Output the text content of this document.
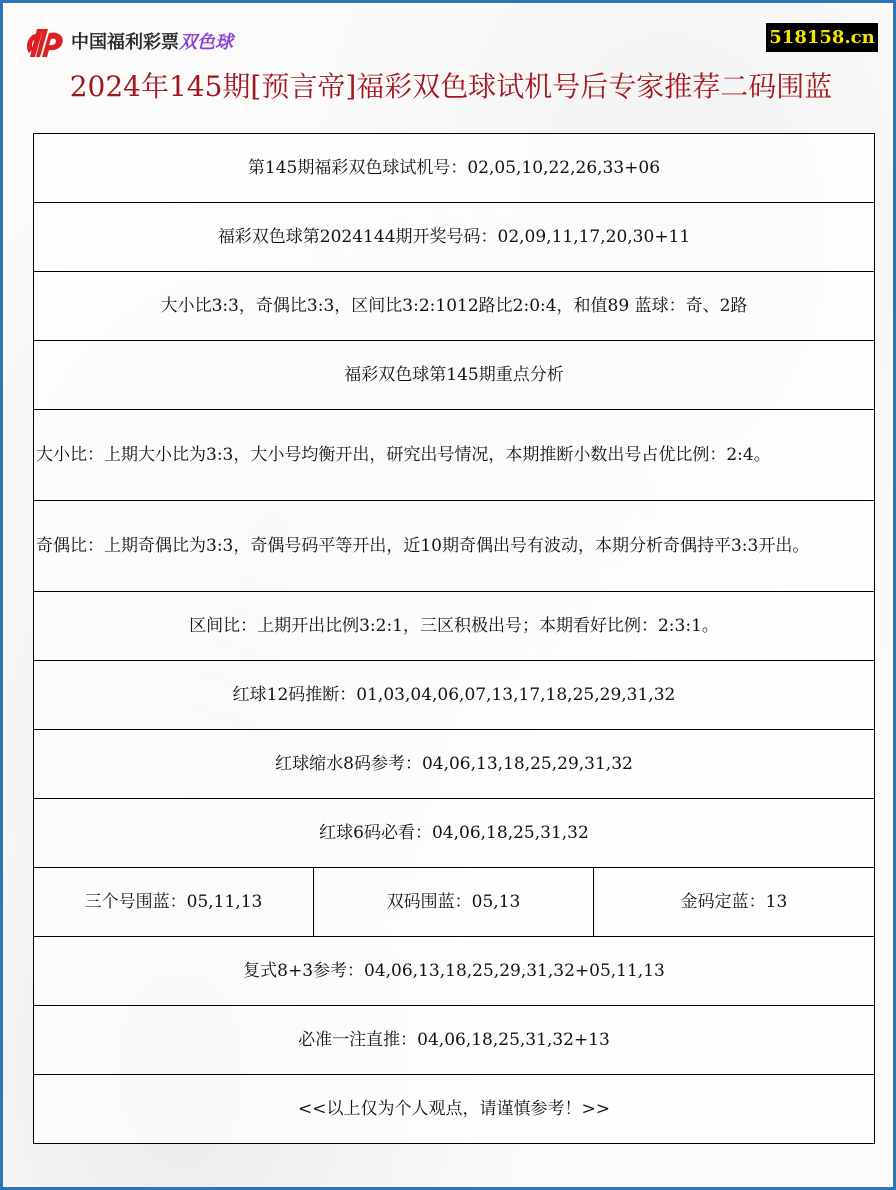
中国福利彩票 双色球	518158.cn
2024年145期[预言帝]福彩双色球试机号后专家推荐二码围蓝
第145期福彩双色球试机号：02,05,10,22,26,33+06
福彩双色球第2024144期开奖号码：02,09,11,17,20,30+11
大小比3:3，奇偶比3:3，区间比3:2:1012路比2:0:4，和值89 蓝球：奇、2路
福彩双色球第145期重点分析
大小比：上期大小比为3:3，大小号均衡开出，研究出号情况，本期推断小数出号占优比例：2:4。
奇偶比：上期奇偶比为3:3，奇偶号码平等开出，近10期奇偶出号有波动，本期分析奇偶持平3:3开出。
区间比：上期开出比例3:2:1，三区积极出号；本期看好比例：2:3:1。
红球12码推断：01,03,04,06,07,13,17,18,25,29,31,32
红球缩水8码参考：04,06,13,18,25,29,31,32
红球6码必看：04,06,18,25,31,32
三个号围蓝：05,11,13	双码围蓝：05,13	金码定蓝：13
复式8+3参考：04,06,13,18,25,29,31,32+05,11,13
必准一注直推：04,06,18,25,31,32+13
<<以上仅为个人观点，请谨慎参考！>>
